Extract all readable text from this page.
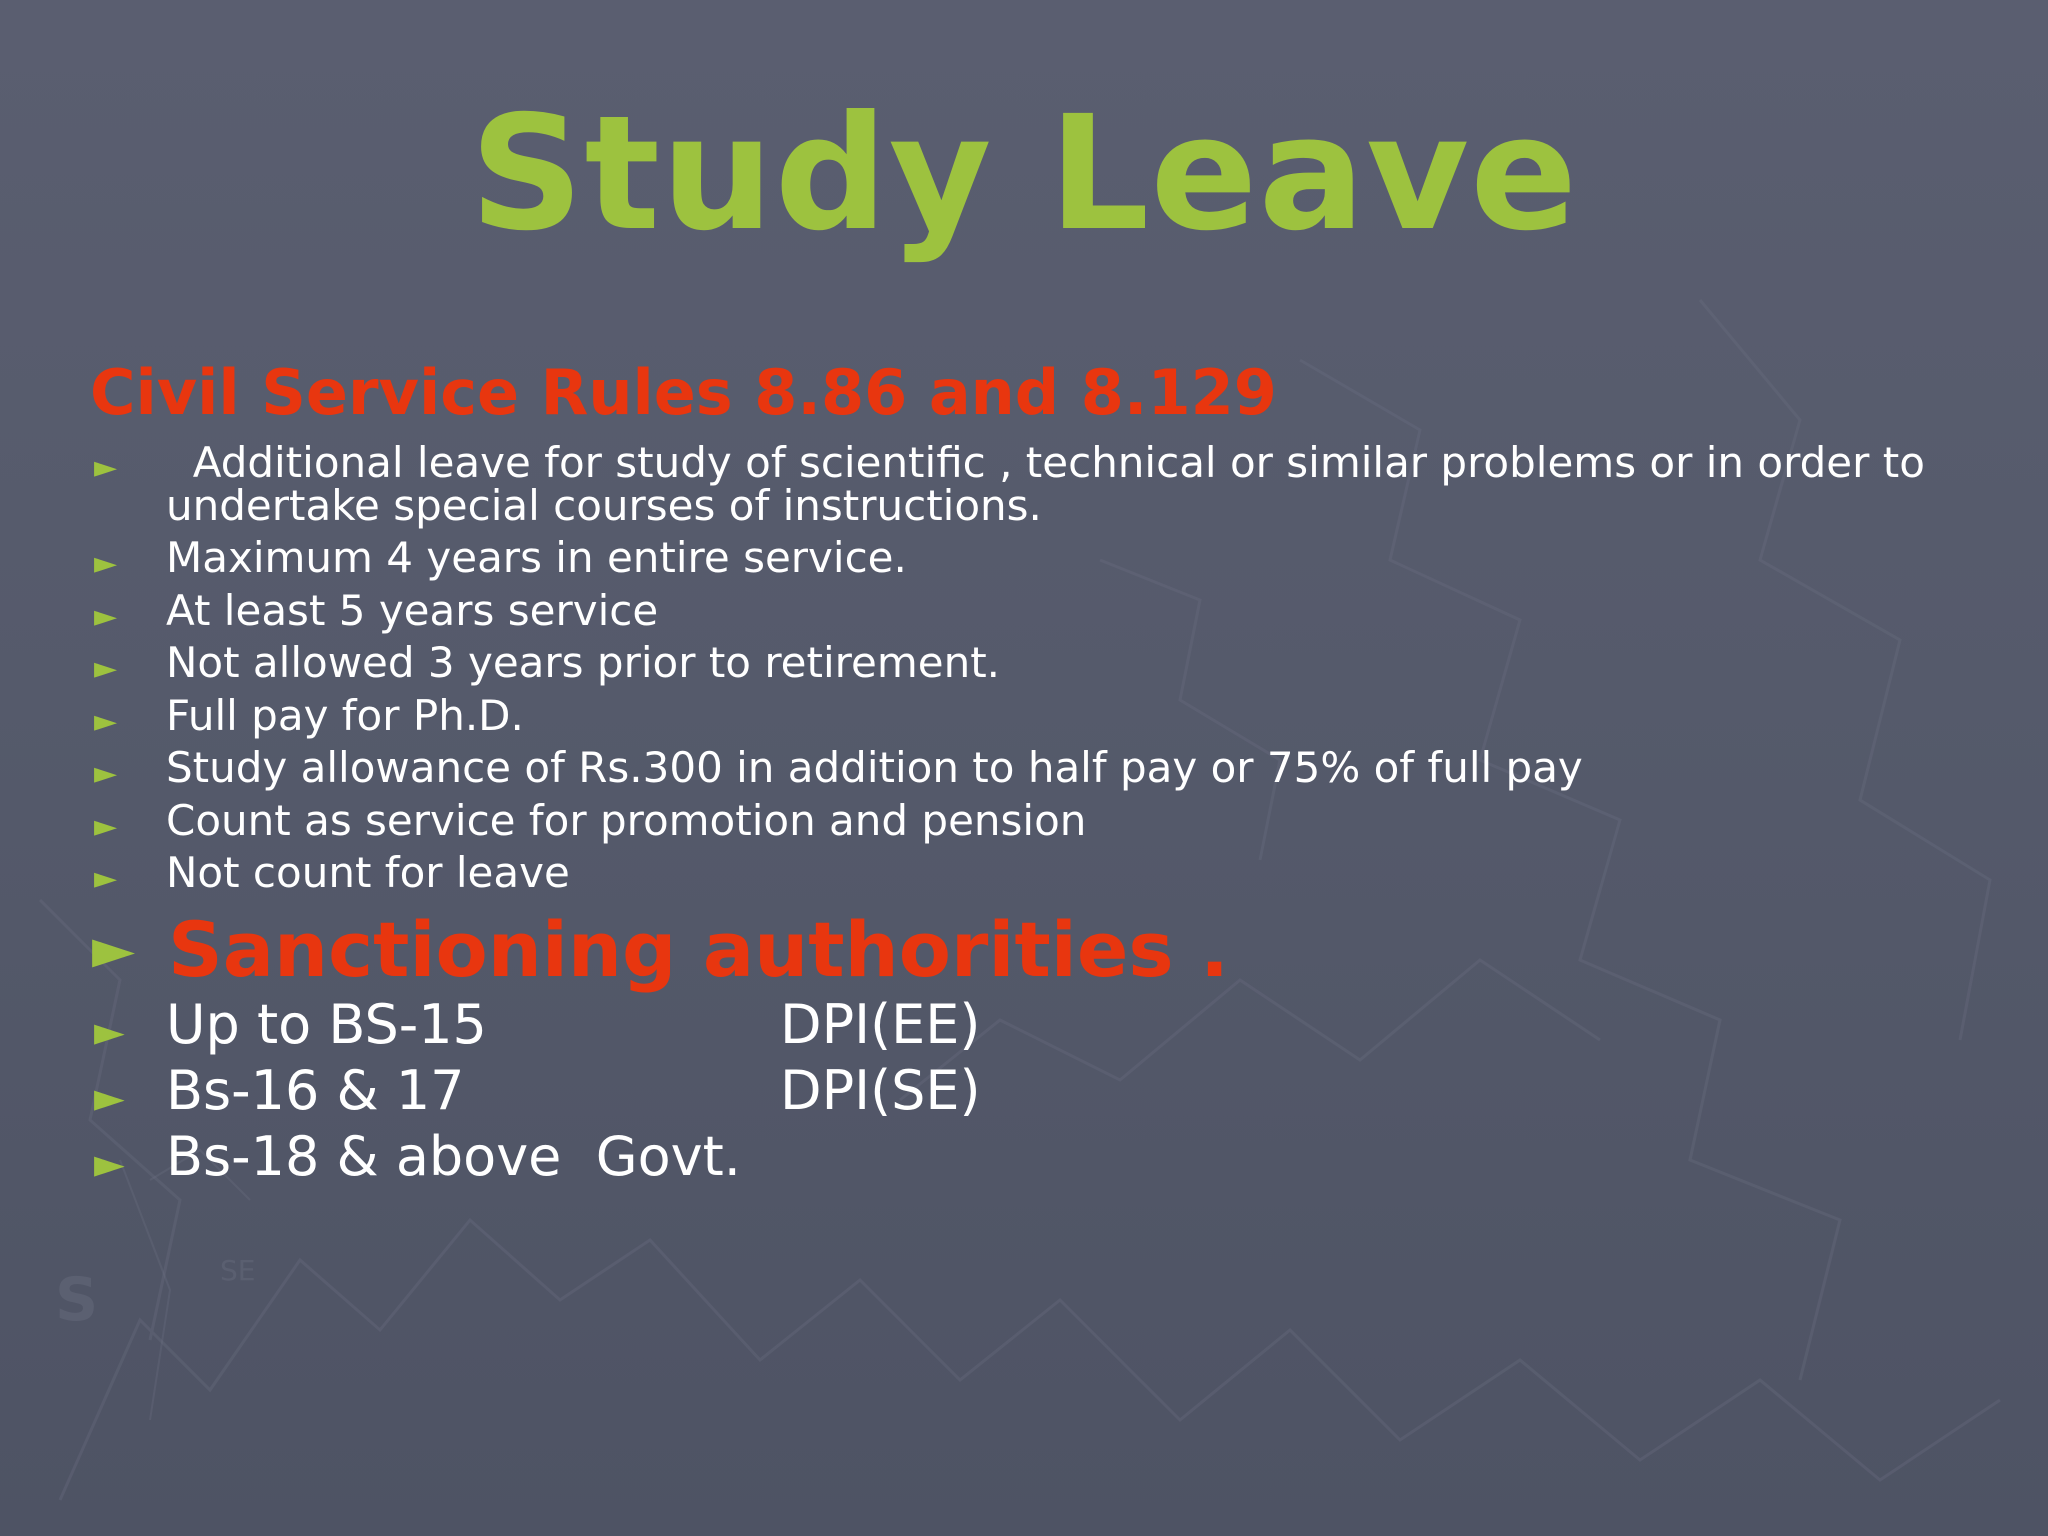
S	SE
Study Leave
Civil Service Rules 8.86 and 8.129
► Additional leave for study of scientific , technical or similar problems or in order to undertake special courses of instructions.
► Maximum 4 years in entire service.
► At least 5 years service
► Not allowed 3 years prior to retirement.
► Full pay for Ph.D.
► Study allowance of Rs.300 in addition to half pay or 75% of full pay
► Count as service for promotion and pension
► Not count for leave
► Sanctioning authorities .
► Up to BS-15	DPI(EE)
► Bs-16 & 17	DPI(SE)
► Bs-18 & above  Govt.
